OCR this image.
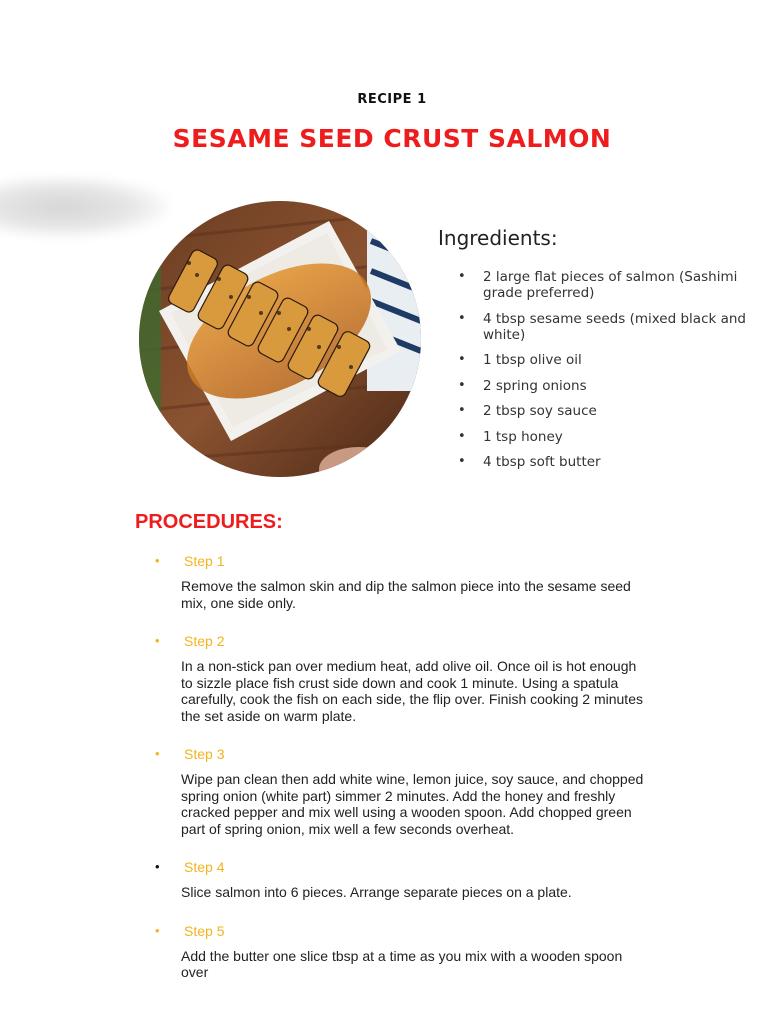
RECIPE 1
SESAME SEED CRUST SALMON
Ingredients:
• 2 large flat pieces of salmon (Sashimi grade preferred)
• 4 tbsp sesame seeds (mixed black and white)
• 1 tbsp olive oil
• 2 spring onions
• 2 tbsp soy sauce
• 1 tsp honey
• 4 tbsp soft butter
PROCEDURES:
• Step 1
Remove the salmon skin and dip the salmon piece into the sesame seed mix, one side only.
• Step 2
In a non-stick pan over medium heat, add olive oil. Once oil is hot enough to sizzle place fish crust side down and cook 1 minute. Using a spatula carefully, cook the fish on each side, the flip over. Finish cooking 2 minutes the set aside on warm plate.
• Step 3
Wipe pan clean then add white wine, lemon juice, soy sauce, and chopped spring onion (white part) simmer 2 minutes. Add the honey and freshly cracked pepper and mix well using a wooden spoon. Add chopped green part of spring onion, mix well a few seconds overheat.
• Step 4
Slice salmon into 6 pieces. Arrange separate pieces on a plate.
• Step 5
Add the butter one slice tbsp at a time as you mix with a wooden spoon over
